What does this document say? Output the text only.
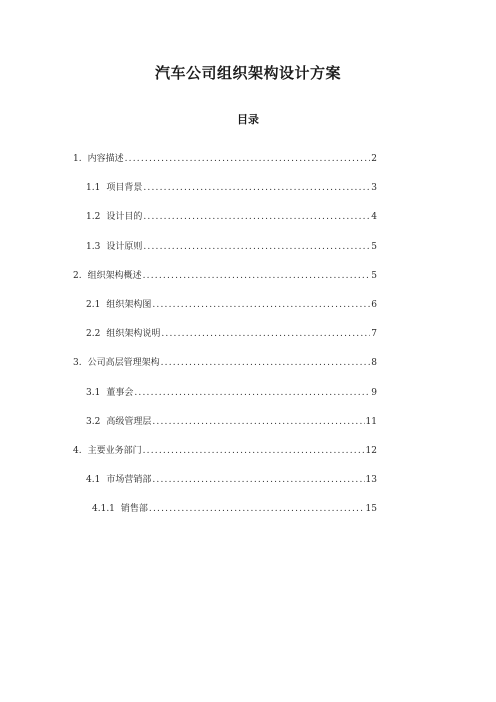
汽车公司组织架构设计方案
目录
1. 内容描述 .....	2
1.1 项目背景 .....	3
1.2 设计目的 .....	4
1.3 设计原则 .....	5
2. 组织架构概述 .....	5
2.1 组织架构图 .....	6
2.2 组织架构说明 .....	7
3. 公司高层管理架构 .....	8
3.1 董事会 .....	9
3.2 高级管理层 .....	11
4. 主要业务部门 .....	12
4.1 市场营销部 .....	13
4.1.1 销售部 .....	15
